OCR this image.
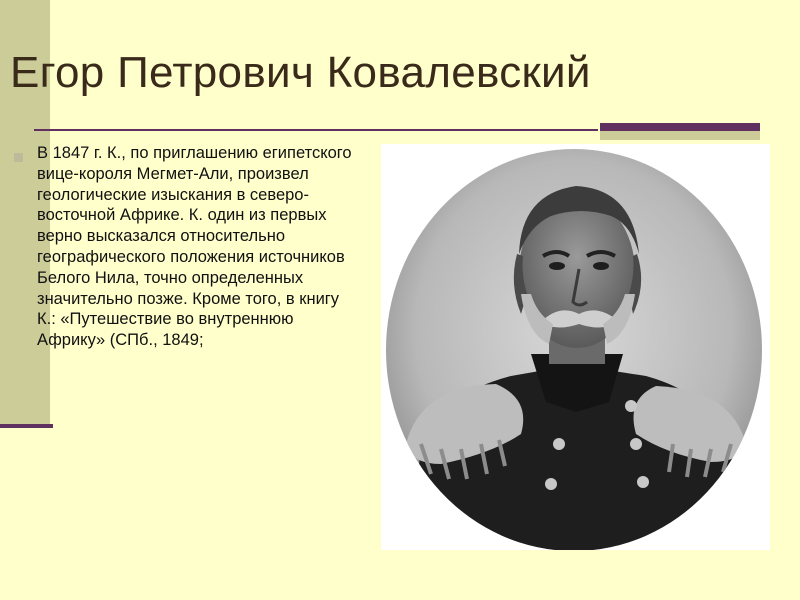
Егор Петрович Ковалевский

В 1847 г. К., по приглашению египетского вице-короля Мегмет-Али, произвел геологические изыскания в северо-восточной Африке. К. один из первых верно высказался относительно географического положения источников Белого Нила, точно определенных значительно позже. Кроме того, в книгу К.: «Путешествие во внутреннюю Африку» (СПб., 1849;
